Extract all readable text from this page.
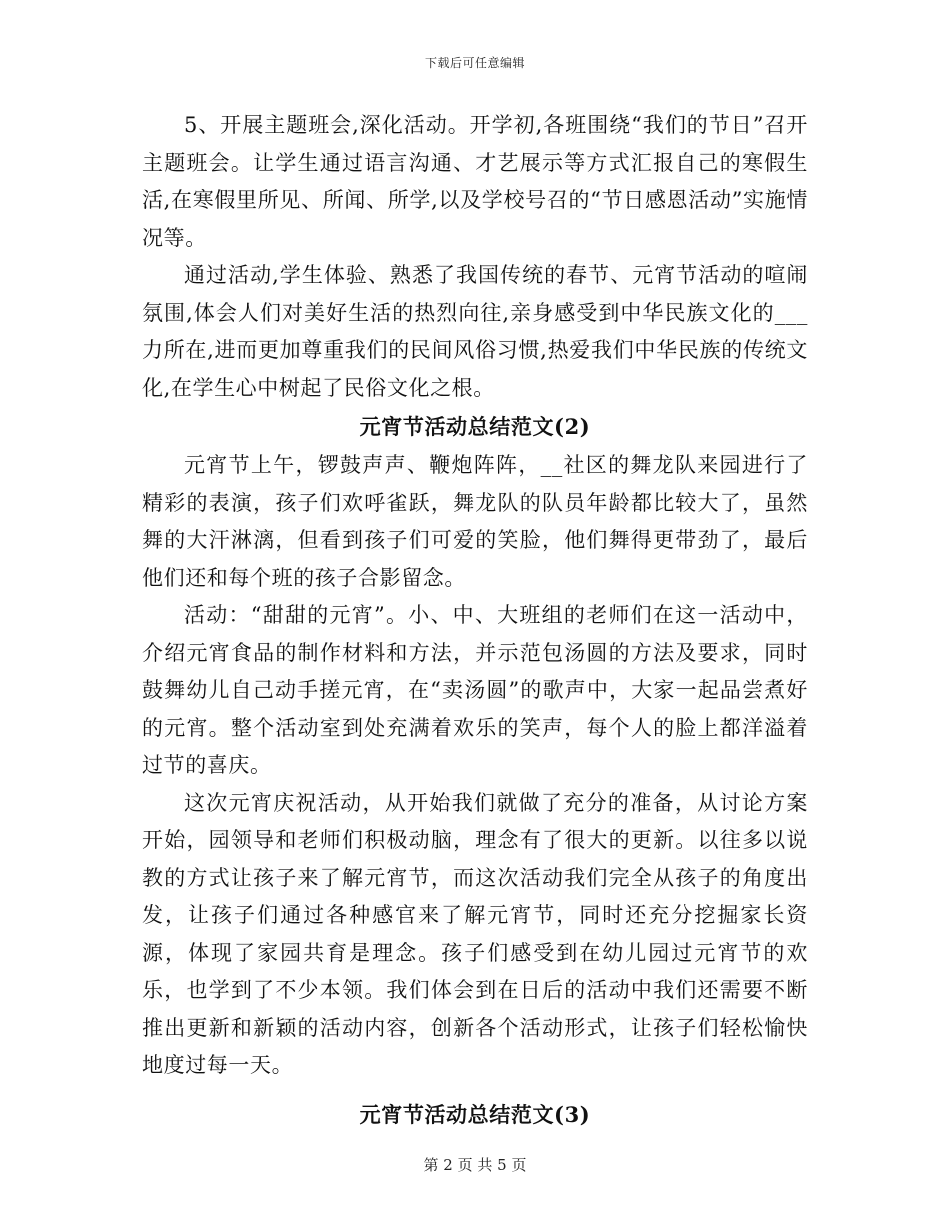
下载后可任意编辑

5、开展主题班会,深化活动。开学初,各班围绕“我们的节日”召开主题班会。让学生通过语言沟通、才艺展示等方式汇报自己的寒假生活,在寒假里所见、所闻、所学,以及学校号召的“节日感恩活动”实施情况等。

通过活动,学生体验、熟悉了我国传统的春节、元宵节活动的喧闹氛围,体会人们对美好生活的热烈向往,亲身感受到中华民族文化的___力所在,进而更加尊重我们的民间风俗习惯,热爱我们中华民族的传统文化,在学生心中树起了民俗文化之根。

元宵节活动总结范文(2)

元宵节上午，锣鼓声声、鞭炮阵阵，__社区的舞龙队来园进行了精彩的表演，孩子们欢呼雀跃，舞龙队的队员年龄都比较大了，虽然舞的大汗淋漓，但看到孩子们可爱的笑脸，他们舞得更带劲了，最后他们还和每个班的孩子合影留念。

活动：“甜甜的元宵”。小、中、大班组的老师们在这一活动中，介绍元宵食品的制作材料和方法，并示范包汤圆的方法及要求，同时鼓舞幼儿自己动手搓元宵，在“卖汤圆”的歌声中，大家一起品尝煮好的元宵。整个活动室到处充满着欢乐的笑声，每个人的脸上都洋溢着过节的喜庆。

这次元宵庆祝活动，从开始我们就做了充分的准备，从讨论方案开始，园领导和老师们积极动脑，理念有了很大的更新。以往多以说教的方式让孩子来了解元宵节，而这次活动我们完全从孩子的角度出发，让孩子们通过各种感官来了解元宵节，同时还充分挖掘家长资源，体现了家园共育是理念。孩子们感受到在幼儿园过元宵节的欢乐，也学到了不少本领。我们体会到在日后的活动中我们还需要不断推出更新和新颖的活动内容，创新各个活动形式，让孩子们轻松愉快地度过每一天。

元宵节活动总结范文(3)
第 2 页 共 5 页
